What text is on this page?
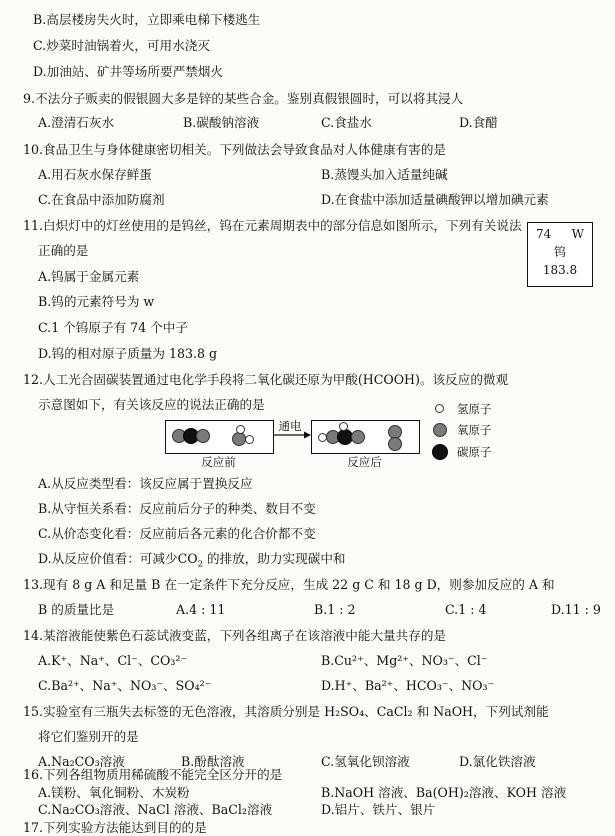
B.高层楼房失火时，立即乘电梯下楼逃生
C.炒菜时油锅着火，可用水浇灭
D.加油站、矿井等场所要严禁烟火
9.不法分子贩卖的假银圆大多是锌的某些合金。鉴别真假银圆时，可以将其浸人
A.澄清石灰水	B.碳酸钠溶液	C.食盐水	D.食醋
10.食品卫生与身体健康密切相关。下列做法会导致食品对人体健康有害的是
A.用石灰水保存鲜蛋	B.蒸馒头加入适量纯碱
C.在食品中添加防腐剂	D.在食盐中添加适量碘酸钾以增加碘元素
11.白炽灯中的灯丝使用的是钨丝，钨在元素周期表中的部分信息如图所示，下列有关说法
正确的是
A.钨属于金属元素
B.钨的元素符号为 w
C.1 个钨原子有 74 个中子
D.钨的相对原子质量为 183.8 g
74 W
钨
183.8
12.人工光合固碳装置通过电化学手段将二氧化碳还原为甲酸(HCOOH)。该反应的微观
示意图如下，有关该反应的说法正确的是
反应前
通电
反应后
氢原子
氧原子
碳原子
A.从反应类型看：该反应属于置换反应
B.从守恒关系看：反应前后分子的种类、数目不变
C.从价态变化看：反应前后各元素的化合价都不变
D.从反应价值看：可减少$CO_2$ 的排放，助力实现碳中和
13.现有 8 g A 和足量 B 在一定条件下充分反应，生成 22 g C 和 18 g D，则参加反应的 A 和
B 的质量比是	A.4 : 11	B.1 : 2	C.1 : 4	D.11 : 9
14.某溶液能使紫色石蕊试液变蓝，下列各组离子在该溶液中能大量共存的是
A.K⁺、Na⁺、Cl⁻、CO₃²⁻	B.Cu²⁺、Mg²⁺、NO₃⁻、Cl⁻
C.Ba²⁺、Na⁺、NO₃⁻、SO₄²⁻	D.H⁺、Ba²⁺、HCO₃⁻、NO₃⁻
15.实验室有三瓶失去标签的无色溶液，其溶质分别是 H₂SO₄、CaCl₂ 和 NaOH，下列试剂能
将它们鉴别开的是
A.Na₂CO₃溶液	B.酚酞溶液	C.氢氧化钡溶液	D.氯化铁溶液
16.下列各组物质用稀硫酸不能完全区分开的是
A.镁粉、氧化铜粉、木炭粉	B.NaOH 溶液、Ba(OH)₂溶液、KOH 溶液
C.Na₂CO₃溶液、NaCl 溶液、BaCl₂溶液	D.铝片、铁片、银片
17.下列实验方法能达到目的的是
